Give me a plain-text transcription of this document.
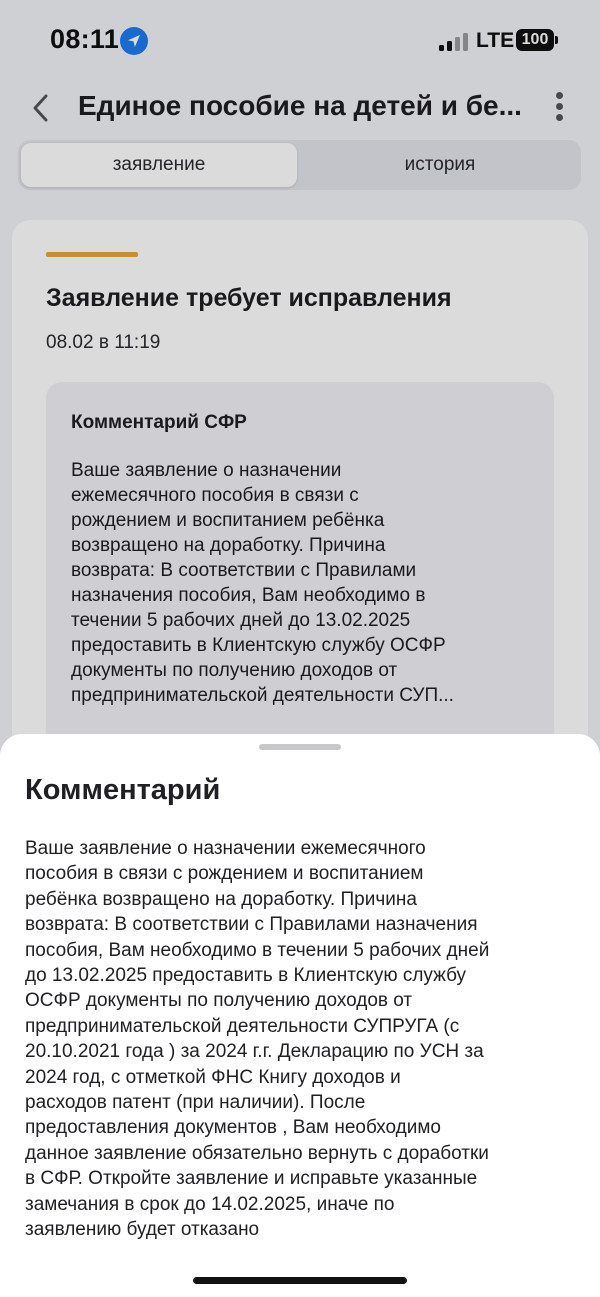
08:11	LTE 100
Единое пособие на детей и бе...
заявление	история
Заявление требует исправления
08.02 в 11:19
Комментарий СФР

Ваше заявление о назначении

ежемесячного пособия в связи с

рождением и воспитанием ребёнка

возвращено на доработку. Причина

возврата: В соответствии с Правилами

назначения пособия, Вам необходимо в

течении 5 рабочих дней до 13.02.2025

предоставить в Клиентскую службу ОСФР

документы по получению доходов от

предпринимательской деятельности СУП...

Комментарий

Ваше заявление о назначении ежемесячного

пособия в связи с рождением и воспитанием

ребёнка возвращено на доработку. Причина

возврата: В соответствии с Правилами назначения

пособия, Вам необходимо в течении 5 рабочих дней

до 13.02.2025 предоставить в Клиентскую службу

ОСФР документы по получению доходов от

предпринимательской деятельности СУПРУГА (с

20.10.2021 года ) за 2024 г.г. Декларацию по УСН за

2024 год, с отметкой ФНС Книгу доходов и

расходов патент (при наличии). После

предоставления документов , Вам необходимо

данное заявление обязательно вернуть с доработки

в СФР. Откройте заявление и исправьте указанные

замечания в срок до 14.02.2025, иначе по

заявлению будет отказано
